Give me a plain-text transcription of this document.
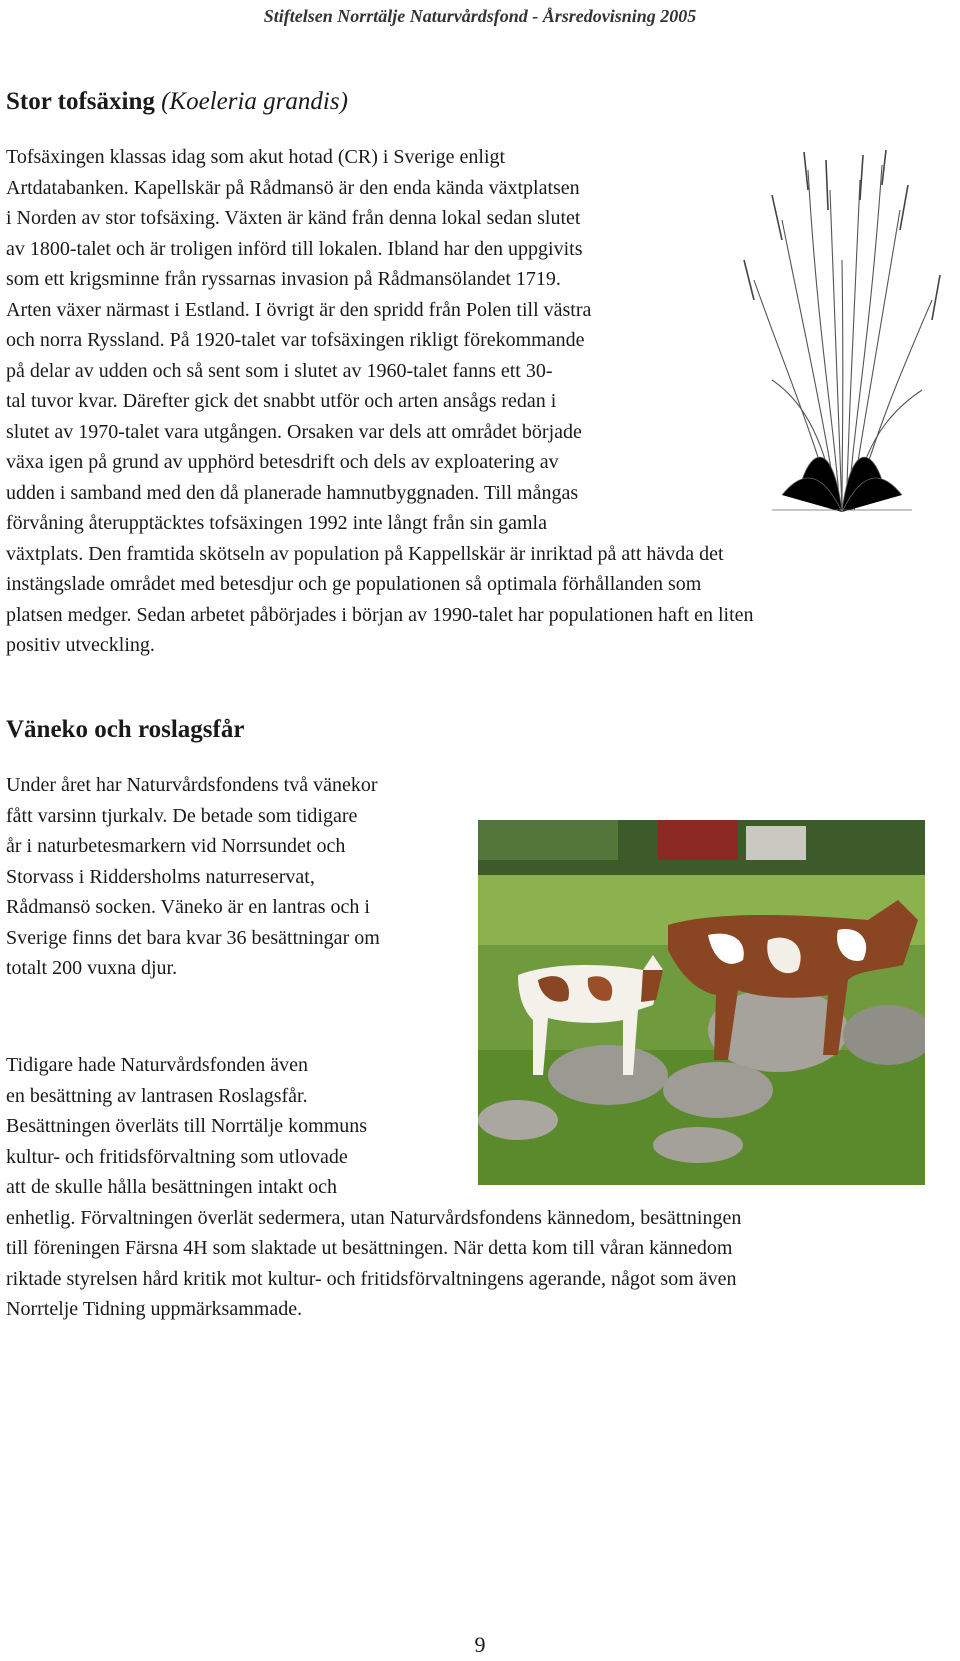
Stiftelsen Norrtälje Naturvårdsfond - Årsredovisning 2005
Stor tofsäxing (Koeleria grandis)
Tofsäxingen klassas idag som akut hotad (CR) i Sverige enligt
Artdatabanken. Kapellskär på Rådmansö är den enda kända växtplatsen
i Norden av stor tofsäxing. Växten är känd från denna lokal sedan slutet
av 1800-talet och är troligen införd till lokalen. Ibland har den uppgivits
som ett krigsminne från ryssarnas invasion på Rådmansölandet 1719.
Arten växer närmast i Estland. I övrigt är den spridd från Polen till västra
och norra Ryssland. På 1920-talet var tofsäxingen rikligt förekommande
på delar av udden och så sent som i slutet av 1960-talet fanns ett 30-
tal tuvor kvar. Därefter gick det snabbt utför och arten ansågs redan i
slutet av 1970-talet vara utgången. Orsaken var dels att området började
växa igen på grund av upphörd betesdrift och dels av exploatering av
udden i samband med den då planerade hamnutbyggnaden. Till mångas
förvåning återupptäcktes tofsäxingen 1992 inte långt från sin gamla
växtplats. Den framtida skötseln av population på Kappellskär är inriktad på att hävda det
instängslade området med betesdjur och ge populationen så optimala förhållanden som
platsen medger. Sedan arbetet påbörjades i början av 1990-talet har populationen haft en liten
positiv utveckling.
Väneko och roslagsfår
Under året har Naturvårdsfondens två vänekor
fått varsinn tjurkalv. De betade som tidigare
år i naturbetesmarkern vid Norrsundet och
Storvass i Riddersholms naturreservat,
Rådmansö socken. Väneko är en lantras och i
Sverige finns det bara kvar 36 besättningar om
totalt 200 vuxna djur.
Tidigare hade Naturvårdsfonden även
en besättning av lantrasen Roslagsfår.
Besättningen överläts till Norrtälje kommuns
kultur- och fritidsförvaltning som utlovade
att de skulle hålla besättningen intakt och
enhetlig. Förvaltningen överlät sedermera, utan Naturvårdsfondens kännedom, besättningen
till föreningen Färsna 4H som slaktade ut besättningen. När detta kom till våran kännedom
riktade styrelsen hård kritik mot kultur- och fritidsförvaltningens agerande, något som även
Norrtelje Tidning uppmärksammade.
9
